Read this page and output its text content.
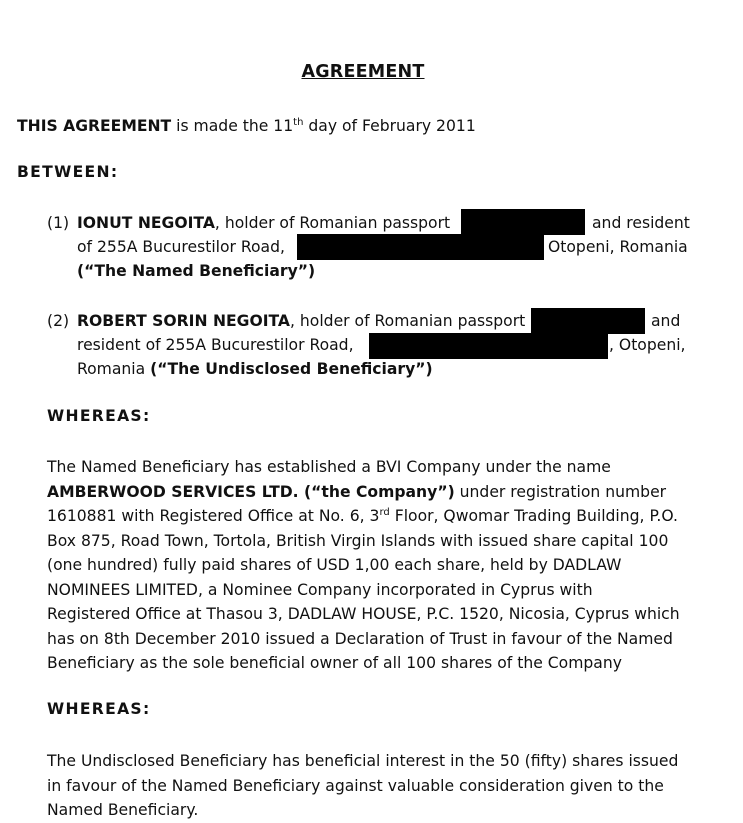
AGREEMENT
THIS AGREEMENT is made the 11th day of February 2011
BETWEEN:
(1) IONUT NEGOITA, holder of Romanian passport	and resident
of 255A Bucurestilor Road,	Otopeni, Romania
(“The Named Beneficiary”)
(2) ROBERT SORIN NEGOITA, holder of Romanian passport	and
resident of 255A Bucurestilor Road,	, Otopeni,
Romania (“The Undisclosed Beneficiary”)
WHEREAS:
The Named Beneficiary has established a BVI Company under the name
AMBERWOOD SERVICES LTD. (“the Company”) under registration number
1610881 with Registered Office at No. 6, 3rd Floor, Qwomar Trading Building, P.O.
Box 875, Road Town, Tortola, British Virgin Islands with issued share capital 100
(one hundred) fully paid shares of USD 1,00 each share, held by DADLAW
NOMINEES LIMITED, a Nominee Company incorporated in Cyprus with
Registered Office at Thasou 3, DADLAW HOUSE, P.C. 1520, Nicosia, Cyprus which
has on 8th December 2010 issued a Declaration of Trust in favour of the Named
Beneficiary as the sole beneficial owner of all 100 shares of the Company
WHEREAS:
The Undisclosed Beneficiary has beneficial interest in the 50 (fifty) shares issued
in favour of the Named Beneficiary against valuable consideration given to the
Named Beneficiary.
